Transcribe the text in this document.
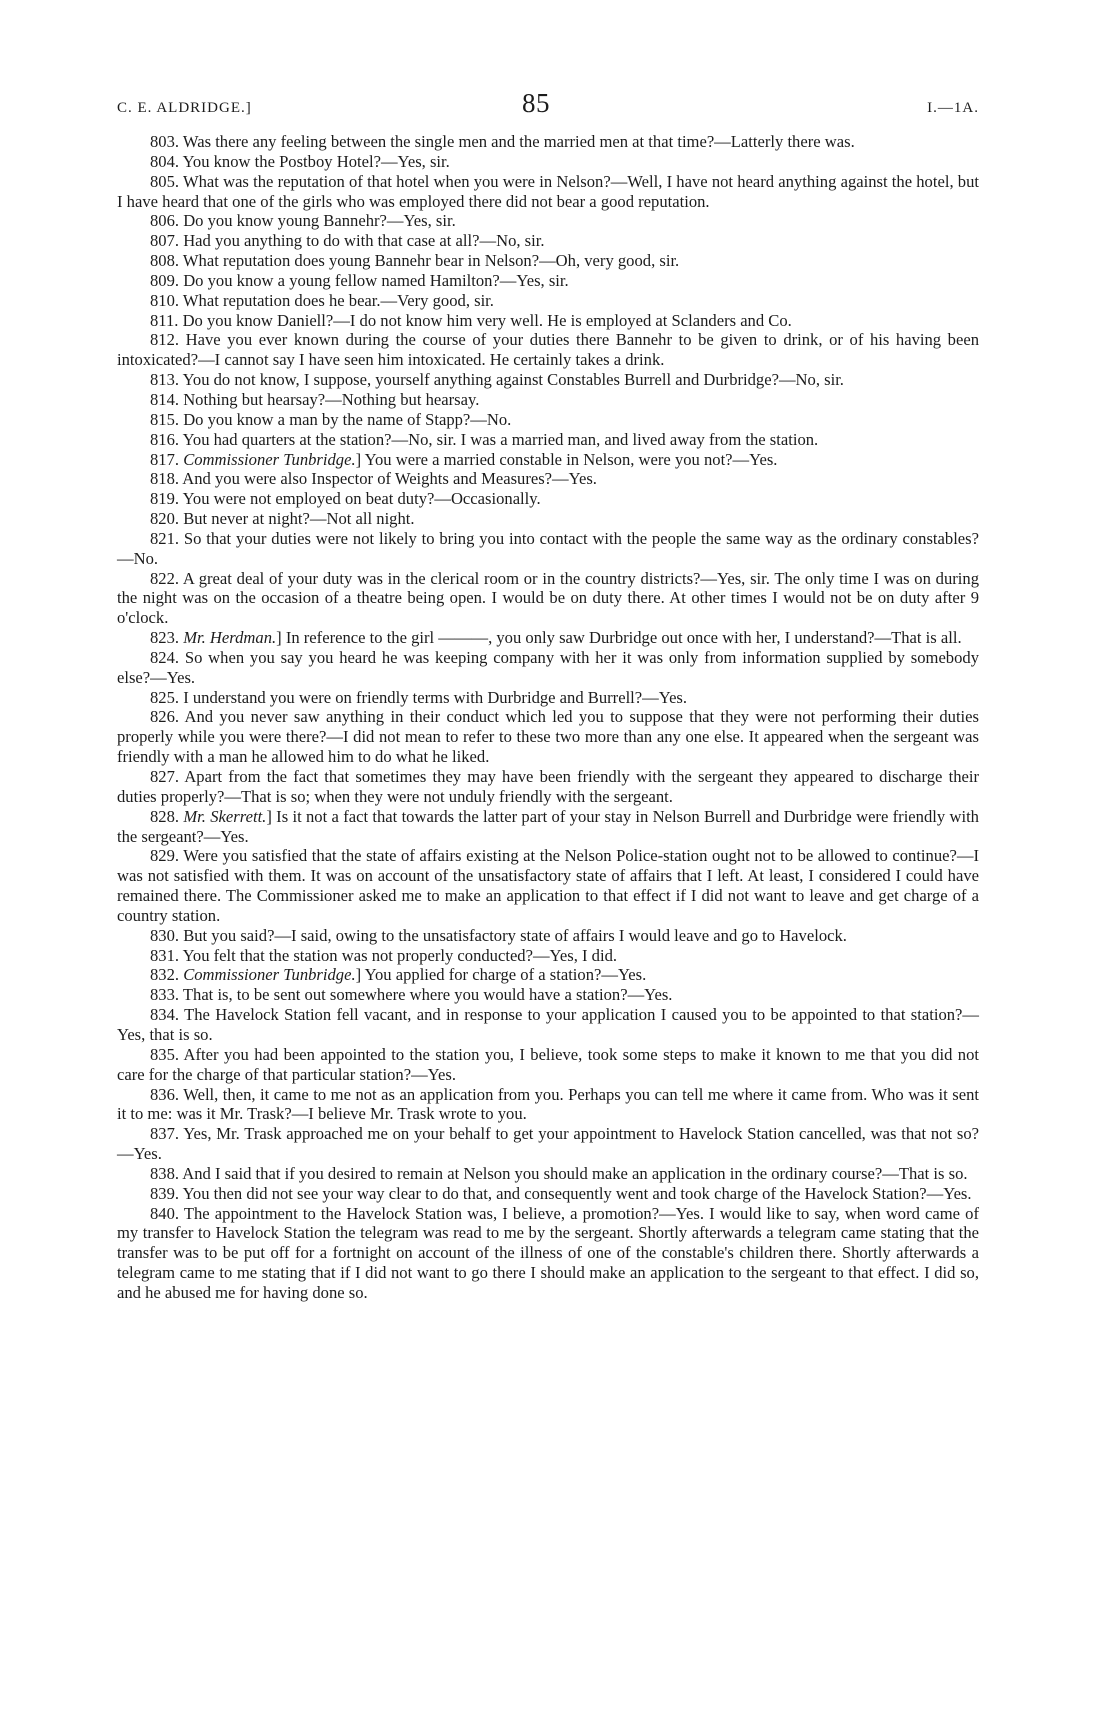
C. E. ALDRIDGE.]	85	I.—1A.

803. Was there any feeling between the single men and the married men at that time?—Latterly there was.

804. You know the Postboy Hotel?—Yes, sir.

805. What was the reputation of that hotel when you were in Nelson?—Well, I have not heard anything against the hotel, but I have heard that one of the girls who was employed there did not bear a good reputation.

806. Do you know young Bannehr?—Yes, sir.

807. Had you anything to do with that case at all?—No, sir.

808. What reputation does young Bannehr bear in Nelson?—Oh, very good, sir.

809. Do you know a young fellow named Hamilton?—Yes, sir.

810. What reputation does he bear.—Very good, sir.

811. Do you know Daniell?—I do not know him very well. He is employed at Sclanders and Co.

812. Have you ever known during the course of your duties there Bannehr to be given to drink, or of his having been intoxicated?—I cannot say I have seen him intoxicated. He certainly takes a drink.

813. You do not know, I suppose, yourself anything against Constables Burrell and Durbridge?—No, sir.

814. Nothing but hearsay?—Nothing but hearsay.

815. Do you know a man by the name of Stapp?—No.

816. You had quarters at the station?—No, sir. I was a married man, and lived away from the station.

817. Commissioner Tunbridge.] You were a married constable in Nelson, were you not?—Yes.

818. And you were also Inspector of Weights and Measures?—Yes.

819. You were not employed on beat duty?—Occasionally.

820. But never at night?—Not all night.

821. So that your duties were not likely to bring you into contact with the people the same way as the ordinary constables?—No.

822. A great deal of your duty was in the clerical room or in the country districts?—Yes, sir. The only time I was on during the night was on the occasion of a theatre being open. I would be on duty there. At other times I would not be on duty after 9 o'clock.

823. Mr. Herdman.] In reference to the girl ———, you only saw Durbridge out once with her, I understand?—That is all.

824. So when you say you heard he was keeping company with her it was only from information supplied by somebody else?—Yes.

825. I understand you were on friendly terms with Durbridge and Burrell?—Yes.

826. And you never saw anything in their conduct which led you to suppose that they were not performing their duties properly while you were there?—I did not mean to refer to these two more than any one else. It appeared when the sergeant was friendly with a man he allowed him to do what he liked.

827. Apart from the fact that sometimes they may have been friendly with the sergeant they appeared to discharge their duties properly?—That is so; when they were not unduly friendly with the sergeant.

828. Mr. Skerrett.] Is it not a fact that towards the latter part of your stay in Nelson Burrell and Durbridge were friendly with the sergeant?—Yes.

829. Were you satisfied that the state of affairs existing at the Nelson Police-station ought not to be allowed to continue?—I was not satisfied with them. It was on account of the unsatisfactory state of affairs that I left. At least, I considered I could have remained there. The Commissioner asked me to make an application to that effect if I did not want to leave and get charge of a country station.

830. But you said?—I said, owing to the unsatisfactory state of affairs I would leave and go to Havelock.

831. You felt that the station was not properly conducted?—Yes, I did.

832. Commissioner Tunbridge.] You applied for charge of a station?—Yes.

833. That is, to be sent out somewhere where you would have a station?—Yes.

834. The Havelock Station fell vacant, and in response to your application I caused you to be appointed to that station?—Yes, that is so.

835. After you had been appointed to the station you, I believe, took some steps to make it known to me that you did not care for the charge of that particular station?—Yes.

836. Well, then, it came to me not as an application from you. Perhaps you can tell me where it came from. Who was it sent it to me: was it Mr. Trask?—I believe Mr. Trask wrote to you.

837. Yes, Mr. Trask approached me on your behalf to get your appointment to Havelock Station cancelled, was that not so?—Yes.

838. And I said that if you desired to remain at Nelson you should make an application in the ordinary course?—That is so.

839. You then did not see your way clear to do that, and consequently went and took charge of the Havelock Station?—Yes.

840. The appointment to the Havelock Station was, I believe, a promotion?—Yes. I would like to say, when word came of my transfer to Havelock Station the telegram was read to me by the sergeant. Shortly afterwards a telegram came stating that the transfer was to be put off for a fortnight on account of the illness of one of the constable's children there. Shortly afterwards a telegram came to me stating that if I did not want to go there I should make an application to the sergeant to that effect. I did so, and he abused me for having done so.
